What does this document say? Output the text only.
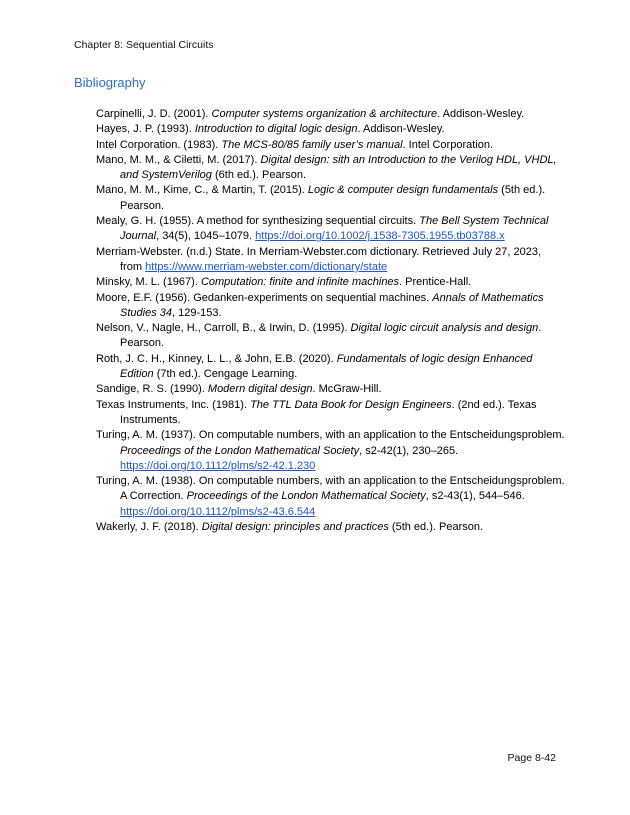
Chapter 8: Sequential Circuits
Bibliography
Carpinelli, J. D. (2001). Computer systems organization & architecture. Addison-Wesley.
Hayes, J. P. (1993). Introduction to digital logic design. Addison-Wesley.
Intel Corporation. (1983). The MCS-80/85 family user’s manual. Intel Corporation.
Mano, M. M., & Ciletti, M. (2017). Digital design: sith an Introduction to the Verilog HDL, VHDL, and SystemVerilog (6th ed.). Pearson.
Mano, M. M., Kime, C., & Martin, T. (2015). Logic & computer design fundamentals (5th ed.). Pearson.
Mealy, G. H. (1955). A method for synthesizing sequential circuits. The Bell System Technical Journal, 34(5), 1045–1079. https://doi.org/10.1002/j.1538-7305.1955.tb03788.x
Merriam-Webster. (n.d.) State. In Merriam-Webster.com dictionary. Retrieved July 27, 2023, from https://www.merriam-webster.com/dictionary/state
Minsky, M. L. (1967). Computation: finite and infinite machines. Prentice-Hall.
Moore, E.F. (1956). Gedanken-experiments on sequential machines. Annals of Mathematics Studies 34, 129-153.
Nelson, V., Nagle, H., Carroll, B., & Irwin, D. (1995). Digital logic circuit analysis and design. Pearson.
Roth, J. C. H., Kinney, L. L., & John, E.B. (2020). Fundamentals of logic design Enhanced Edition (7th ed.). Cengage Learning.
Sandige, R. S. (1990). Modern digital design. McGraw-Hill.
Texas Instruments, Inc. (1981). The TTL Data Book for Design Engineers. (2nd ed.). Texas Instruments.
Turing, A. M. (1937). On computable numbers, with an application to the Entscheidungsproblem. Proceedings of the London Mathematical Society, s2-42(1), 230–265. https://doi.org/10.1112/plms/s2-42.1.230
Turing, A. M. (1938). On computable numbers, with an application to the Entscheidungsproblem. A Correction. Proceedings of the London Mathematical Society, s2-43(1), 544–546. https://doi.org/10.1112/plms/s2-43.6.544
Wakerly, J. F. (2018). Digital design: principles and practices (5th ed.). Pearson.
Page 8-42
